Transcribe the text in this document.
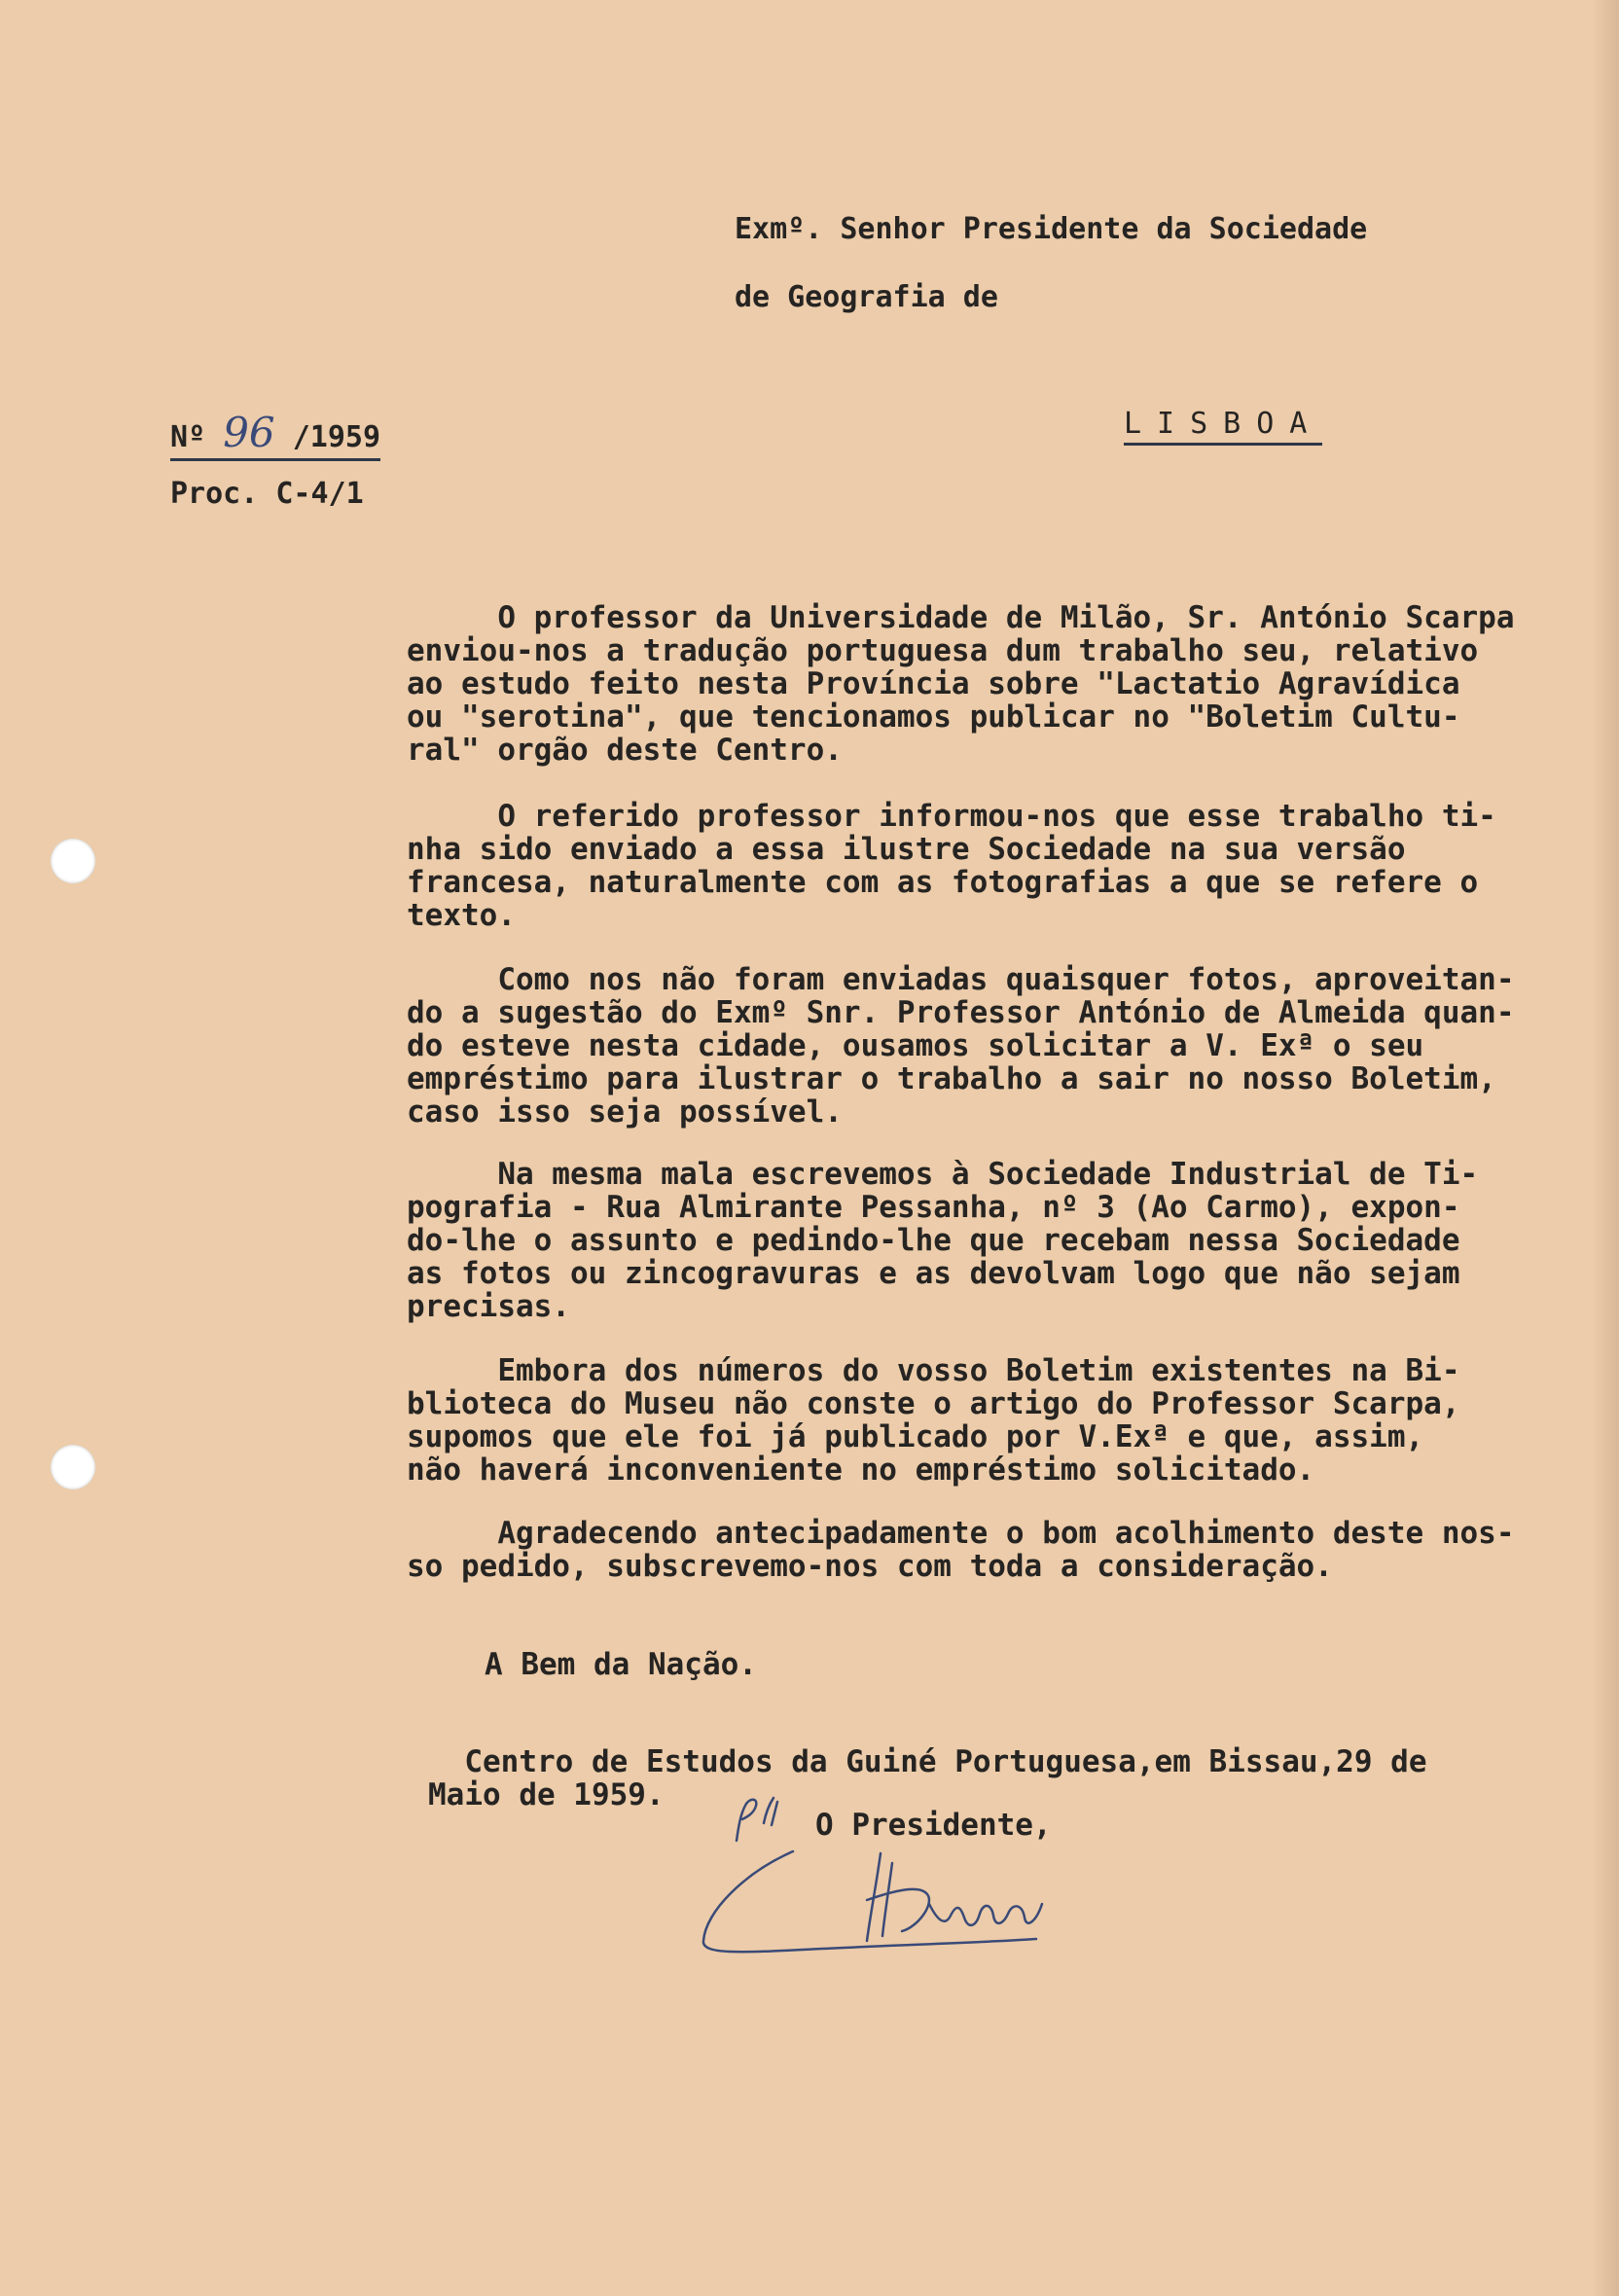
Exmº. Senhor Presidente da Sociedade
de Geografia de
Nº 96 /1959
Proc. C-4/1
LISBOA
O professor da Universidade de Milão, Sr. António Scarpa
enviou-nos a tradução portuguesa dum trabalho seu, relativo
ao estudo feito nesta Província sobre "Lactatio Agravídica
ou "serotina", que tencionamos publicar no "Boletim Cultu-
ral" orgão deste Centro.
O referido professor informou-nos que esse trabalho ti-
nha sido enviado a essa ilustre Sociedade na sua versão
francesa, naturalmente com as fotografias a que se refere o
texto.
Como nos não foram enviadas quaisquer fotos, aproveitan-
do a sugestão do Exmº Snr. Professor António de Almeida quan-
do esteve nesta cidade, ousamos solicitar a V. Exª o seu
empréstimo para ilustrar o trabalho a sair no nosso Boletim,
caso isso seja possível.
Na mesma mala escrevemos à Sociedade Industrial de Ti-
pografia - Rua Almirante Pessanha, nº 3 (Ao Carmo), expon-
do-lhe o assunto e pedindo-lhe que recebam nessa Sociedade
as fotos ou zincogravuras e as devolvam logo que não sejam
precisas.
Embora dos números do vosso Boletim existentes na Bi-
blioteca do Museu não conste o artigo do Professor Scarpa,
supomos que ele foi já publicado por V.Exª e que, assim,
não haverá inconveniente no empréstimo solicitado.
Agradecendo antecipadamente o bom acolhimento deste nos-
so pedido, subscrevemo-nos com toda a consideração.
A Bem da Nação.
Centro de Estudos da Guiné Portuguesa,em Bissau,29 de
Maio de 1959.
O Presidente,
